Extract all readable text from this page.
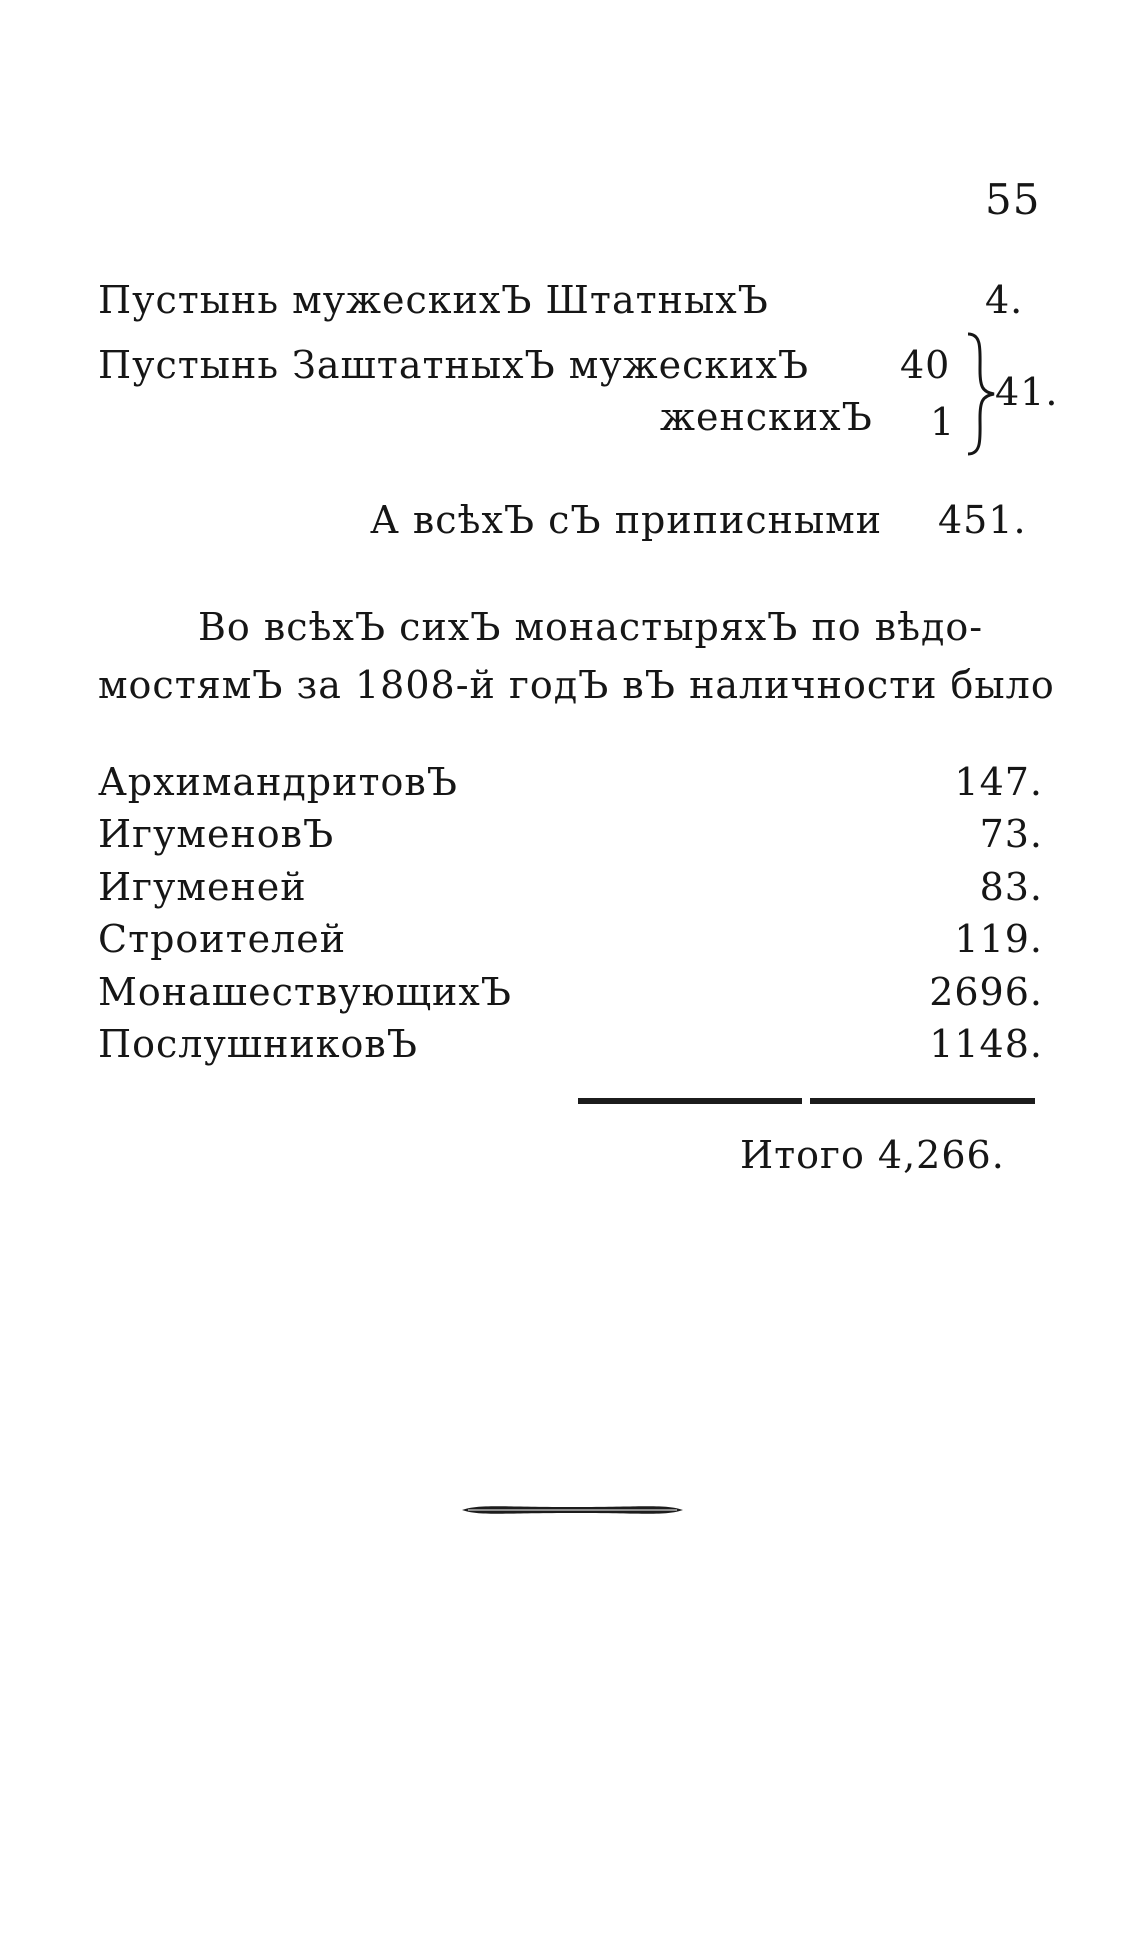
55
Пустынь мужескихЪ ШтатныхЪ	4.
Пустынь ЗаштатныхЪ мужескихЪ 40
женскихЪ 1
41.
А всѣхЪ сЪ приписными 451.
Во всѣхЪ сихЪ монастыряхЪ по вѣдо-
мостямЪ за 1808-й годЪ вЪ наличности было
АрхимандритовЪ	147.
ИгуменовЪ	73.
Игуменей	83.
Строителей	119.
МонашествующихЪ	2696.
ПослушниковЪ	1148.
Итого 4,266.
